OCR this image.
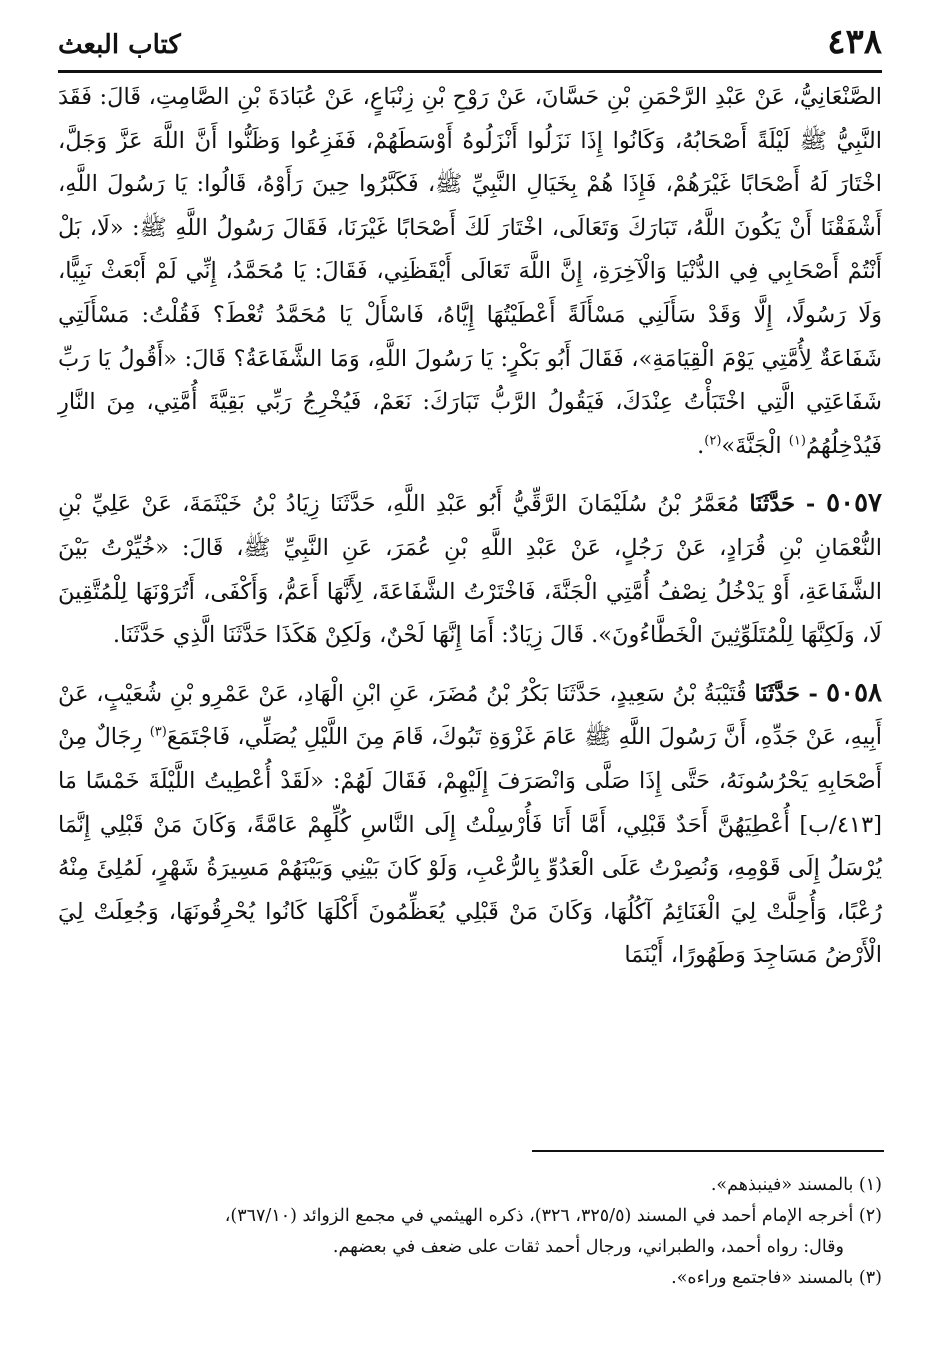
٤٣٨
كتاب البعث

الصَّنْعَانِيُّ، عَنْ عَبْدِ الرَّحْمَنِ بْنِ حَسَّانَ، عَنْ رَوْحِ بْنِ زِنْبَاعٍ، عَنْ عُبَادَةَ بْنِ الصَّامِتِ، قَالَ: فَقَدَ النَّبِيُّ ﷺ لَيْلَةً أَصْحَابُهُ، وَكَانُوا إِذَا نَزَلُوا أَنْزَلُوهُ أَوْسَطَهُمْ، فَفَزِعُوا وَظَنُّوا أَنَّ اللَّهَ عَزَّ وَجَلَّ، اخْتَارَ لَهُ أَصْحَابًا غَيْرَهُمْ، فَإِذَا هُمْ بِخَيَالِ النَّبِيِّ ﷺ، فَكَبَّرُوا حِينَ رَأَوْهُ، قَالُوا: يَا رَسُولَ اللَّهِ، أَشْفَقْنَا أَنْ يَكُونَ اللَّهُ، تَبَارَكَ وَتَعَالَى، اخْتَارَ لَكَ أَصْحَابًا غَيْرَنَا، فَقَالَ رَسُولُ اللَّهِ ﷺ: «لَا، بَلْ أَنْتُمْ أَصْحَابِي فِي الدُّنْيَا وَالْآخِرَةِ، إِنَّ اللَّهَ تَعَالَى أَيْقَظَنِي، فَقَالَ: يَا مُحَمَّدُ، إِنِّي لَمْ أَبْعَثْ نَبِيًّا، وَلَا رَسُولًا، إِلَّا وَقَدْ سَأَلَنِي مَسْأَلَةً أَعْطَيْتُهَا إِيَّاهُ، فَاسْأَلْ يَا مُحَمَّدُ تُعْطَ؟ فَقُلْتُ: مَسْأَلَتِي شَفَاعَةٌ لِأُمَّتِي يَوْمَ الْقِيَامَةِ»، فَقَالَ أَبُو بَكْرٍ: يَا رَسُولَ اللَّهِ، وَمَا الشَّفَاعَةُ؟ قَالَ: «أَقُولُ يَا رَبِّ شَفَاعَتِي الَّتِي اخْتَبَأْتُ عِنْدَكَ، فَيَقُولُ الرَّبُّ تَبَارَكَ: نَعَمْ، فَيُخْرِجُ رَبِّي بَقِيَّةَ أُمَّتِي، مِنَ النَّارِ فَيُدْخِلُهُمُ$^{(١)}$ الْجَنَّةَ»$^{(٢)}$.

٥٠٥٧ - حَدَّثَنَا مُعَمَّرُ بْنُ سُلَيْمَانَ الرَّقِّيُّ أَبُو عَبْدِ اللَّهِ، حَدَّثَنَا زِيَادُ بْنُ خَيْثَمَةَ، عَنْ عَلِيِّ بْنِ النُّعْمَانِ بْنِ قُرَادٍ، عَنْ رَجُلٍ، عَنْ عَبْدِ اللَّهِ بْنِ عُمَرَ، عَنِ النَّبِيِّ ﷺ، قَالَ: «خُيِّرْتُ بَيْنَ الشَّفَاعَةِ، أَوْ يَدْخُلُ نِصْفُ أُمَّتِي الْجَنَّةَ، فَاخْتَرْتُ الشَّفَاعَةَ، لِأَنَّهَا أَعَمُّ، وَأَكْفَى، أَتُرَوْنَهَا لِلْمُتَّقِينَ لَا، وَلَكِنَّهَا لِلْمُتَلَوِّثِينَ الْخَطَّاءُونَ». قَالَ زِيَادٌ: أَمَا إِنَّهَا لَحْنٌ، وَلَكِنْ هَكَذَا حَدَّثَنَا الَّذِي حَدَّثَنَا.

٥٠٥٨ - حَدَّثَنَا قُتَيْبَةُ بْنُ سَعِيدٍ، حَدَّثَنَا بَكْرُ بْنُ مُضَرَ، عَنِ ابْنِ الْهَادِ، عَنْ عَمْرِو بْنِ شُعَيْبٍ، عَنْ أَبِيهِ، عَنْ جَدِّهِ، أَنَّ رَسُولَ اللَّهِ ﷺ عَامَ غَزْوَةِ تَبُوكَ، قَامَ مِنَ اللَّيْلِ يُصَلِّي، فَاجْتَمَعَ$^{(٣)}$ رِجَالٌ مِنْ أَصْحَابِهِ يَحْرُسُونَهُ، حَتَّى إِذَا صَلَّى وَانْصَرَفَ إِلَيْهِمْ، فَقَالَ لَهُمْ: «لَقَدْ أُعْطِيتُ اللَّيْلَةَ خَمْسًا مَا [٤١٣/ب] أُعْطِيَهُنَّ أَحَدٌ قَبْلِي، أَمَّا أَنَا فَأُرْسِلْتُ إِلَى النَّاسِ كُلِّهِمْ عَامَّةً، وَكَانَ مَنْ قَبْلِي إِنَّمَا يُرْسَلُ إِلَى قَوْمِهِ، وَنُصِرْتُ عَلَى الْعَدُوِّ بِالرُّعْبِ، وَلَوْ كَانَ بَيْنِي وَبَيْنَهُمْ مَسِيرَةُ شَهْرٍ، لَمُلِئَ مِنْهُ رُعْبًا، وَأُحِلَّتْ لِيَ الْغَنَائِمُ آكُلُهَا، وَكَانَ مَنْ قَبْلِي يُعَظِّمُونَ أَكْلَهَا كَانُوا يُحْرِقُونَهَا، وَجُعِلَتْ لِيَ الْأَرْضُ مَسَاجِدَ وَطَهُورًا، أَيْنَمَا

(١) بالمسند «فينبذهم».

(٢) أخرجه الإمام أحمد في المسند (٣٢٥/٥، ٣٢٦)، ذكره الهيثمي في مجمع الزوائد (٣٦٧/١٠)،

وقال: رواه أحمد، والطبراني، ورجال أحمد ثقات على ضعف في بعضهم.

(٣) بالمسند «فاجتمع وراءه».
